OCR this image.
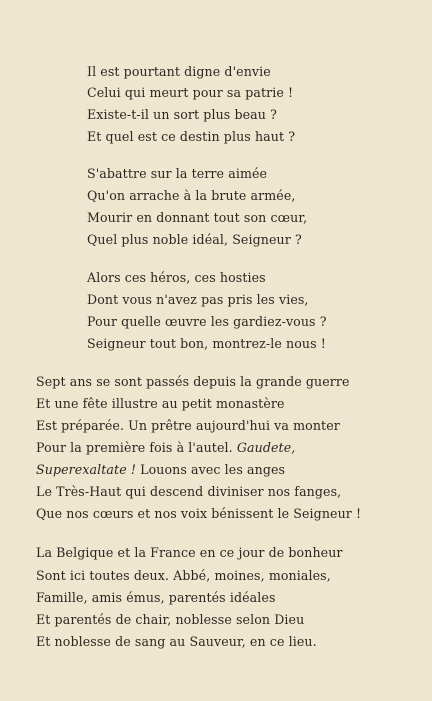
Il est pourtant digne d'envie
Celui qui meurt pour sa patrie !
Existe-t-il un sort plus beau ?
Et quel est ce destin plus haut ?
S'abattre sur la terre aimée
Qu'on arrache à la brute armée,
Mourir en donnant tout son cœur,
Quel plus noble idéal, Seigneur ?
Alors ces héros, ces hosties
Dont vous n'avez pas pris les vies,
Pour quelle œuvre les gardiez-vous ?
Seigneur tout bon, montrez-le nous !
Sept ans se sont passés depuis la grande guerre
Et une fête illustre au petit monastère
Est préparée. Un prêtre aujourd'hui va monter
Pour la première fois à l'autel. Gaudete,
Superexaltate ! Louons avec les anges
Le Très-Haut qui descend diviniser nos fanges,
Que nos cœurs et nos voix bénissent le Seigneur !
La Belgique et la France en ce jour de bonheur
Sont ici toutes deux. Abbé, moines, moniales,
Famille, amis émus, parentés idéales
Et parentés de chair, noblesse selon Dieu
Et noblesse de sang au Sauveur, en ce lieu.
